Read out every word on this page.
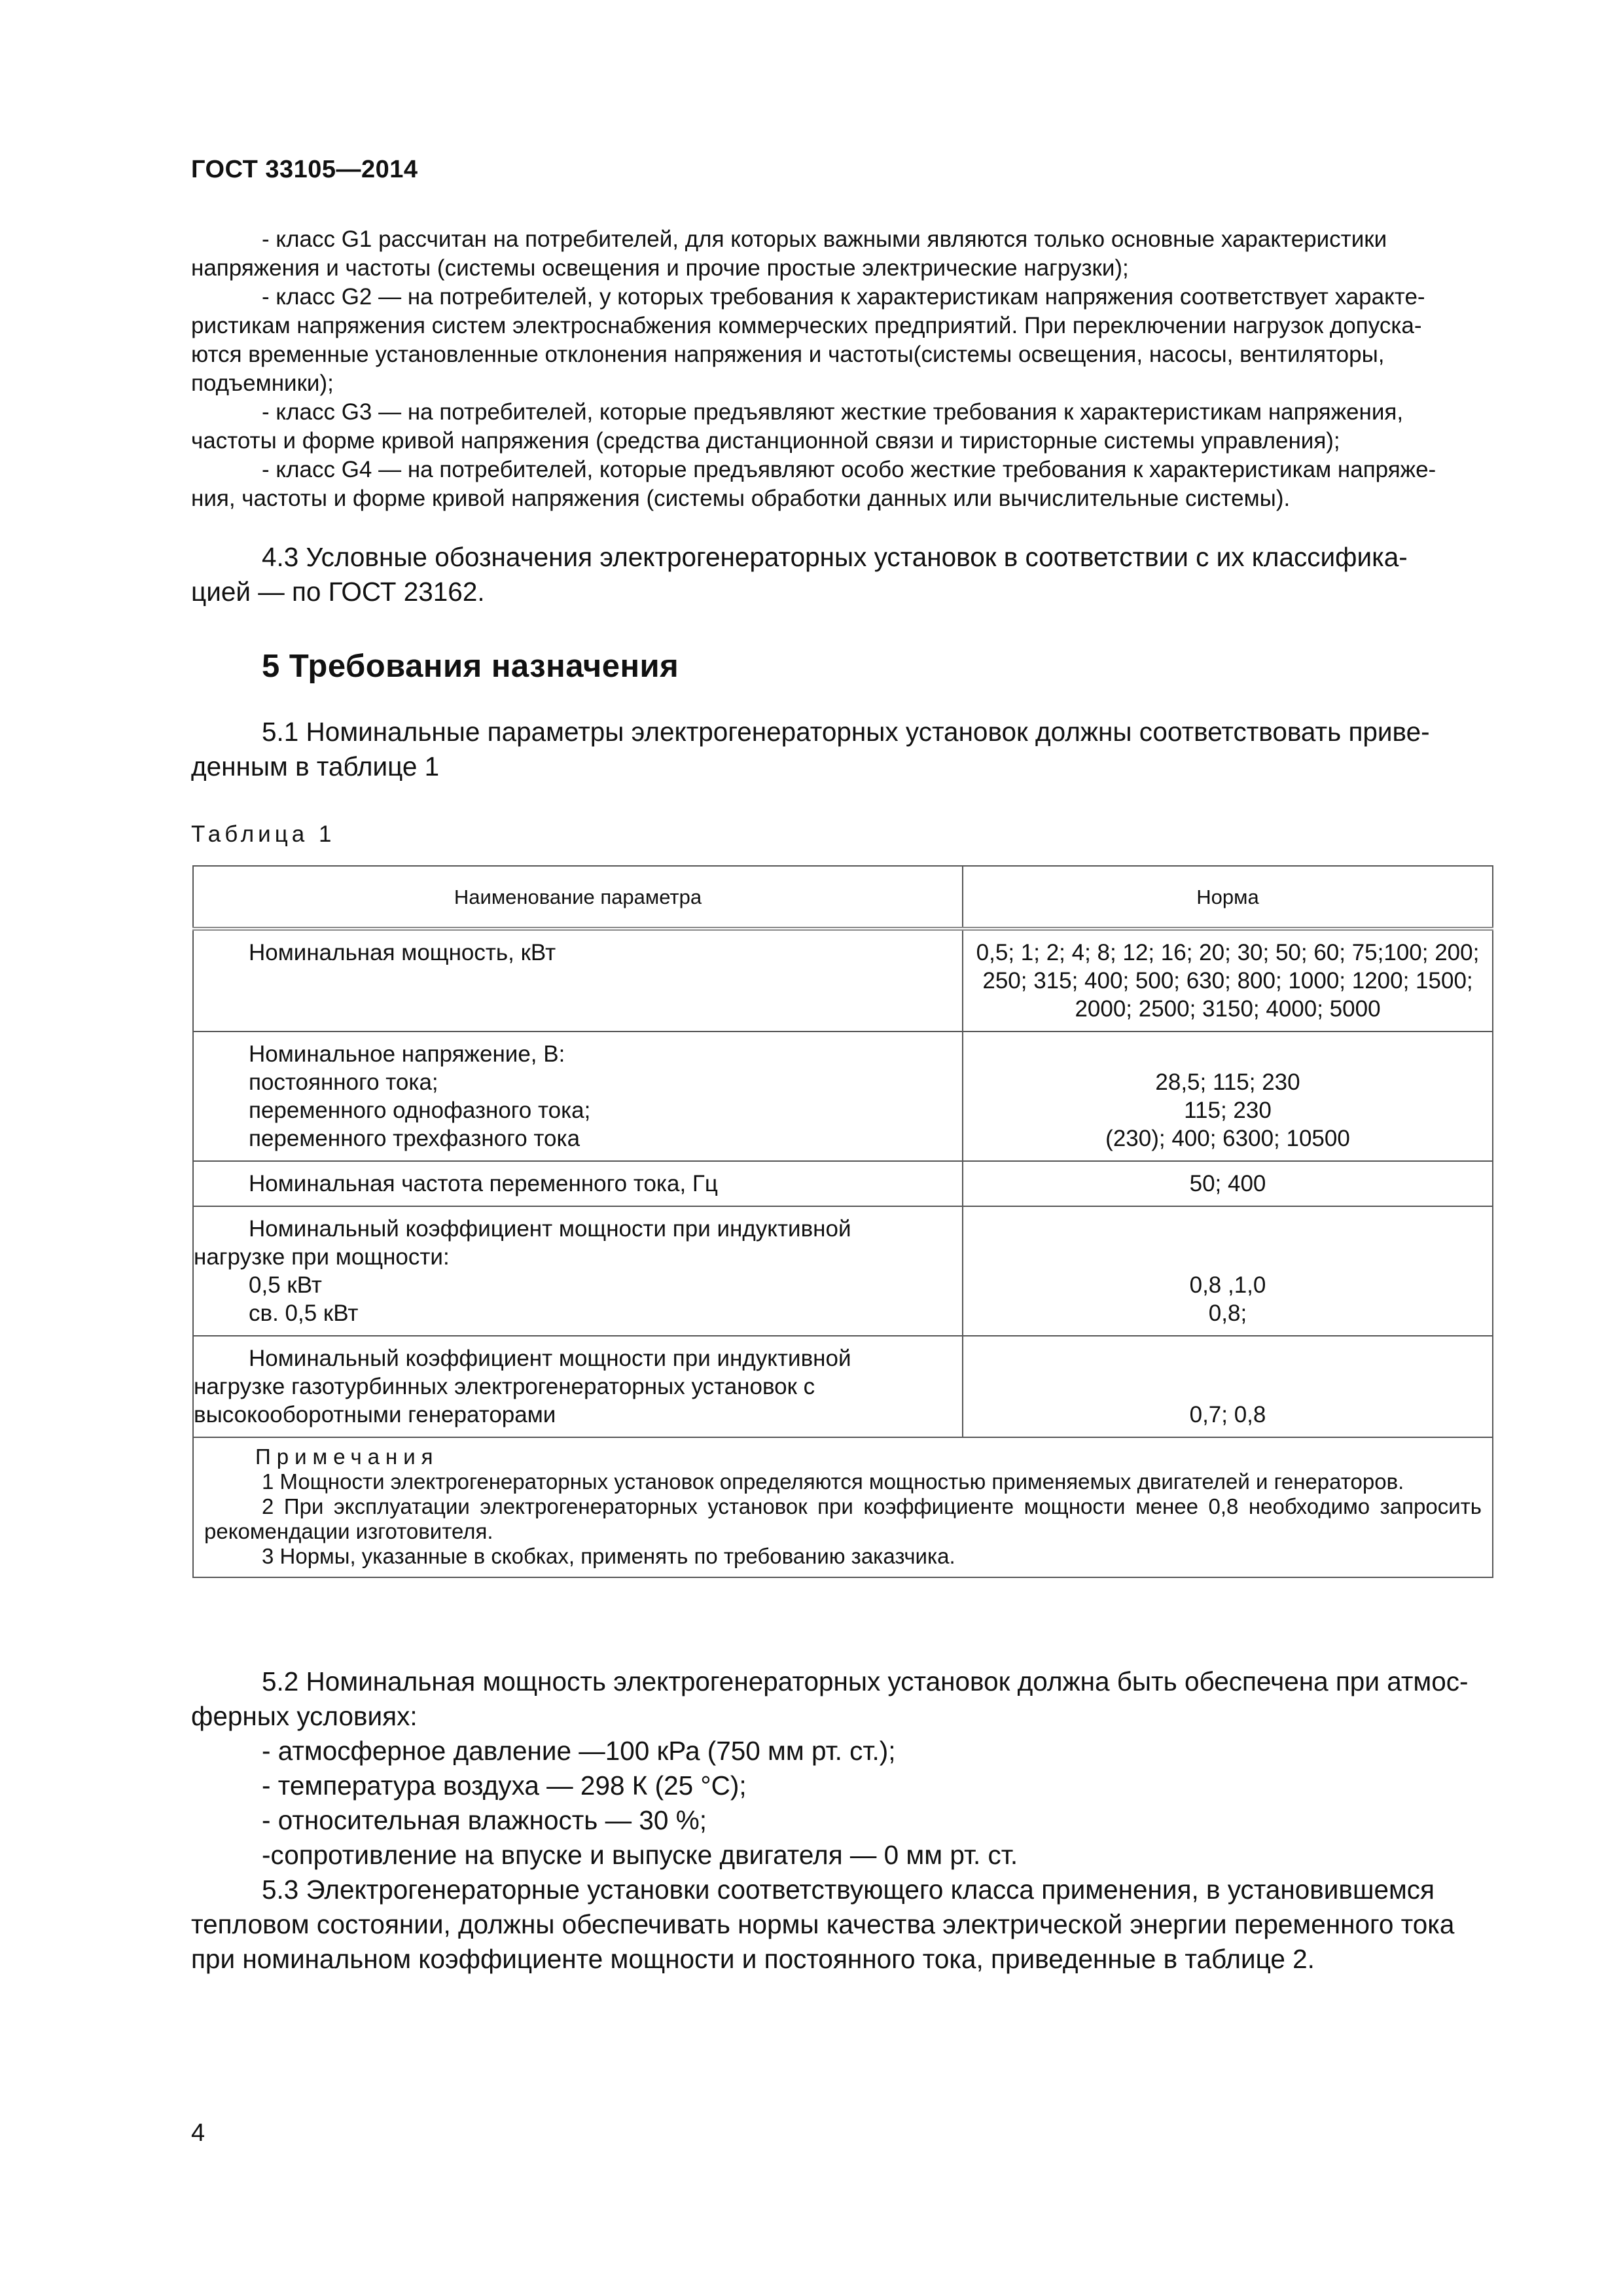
ГОСТ 33105—2014
- класс G1 рассчитан на потребителей, для которых важными являются только основные характеристики
напряжения и частоты (системы освещения и прочие простые электрические нагрузки);
- класс G2 — на потребителей, у которых требования к характеристикам напряжения соответствует характе-
ристикам напряжения систем электроснабжения коммерческих предприятий. При переключении нагрузок допуска-
ются временные установленные отклонения напряжения и частоты(системы освещения, насосы, вентиляторы,
подъемники);
- класс G3 — на потребителей, которые предъявляют жесткие требования к характеристикам напряжения,
частоты и форме кривой напряжения (средства дистанционной связи и тиристорные системы управления);
- класс G4 — на потребителей, которые предъявляют особо жесткие требования к характеристикам напряже-
ния, частоты и форме кривой напряжения (системы обработки данных или вычислительные системы).
4.3 Условные обозначения электрогенераторных установок в соответствии с их классифика-
цией — по ГОСТ 23162.
5 Требования назначения
5.1 Номинальные параметры электрогенераторных установок должны соответствовать приве-
денным в таблице 1
Таблица 1
Наименование параметра	Норма

Номинальная мощность, кВт	0,5; 1; 2; 4; 8; 12; 16; 20; 30; 50; 60; 75;100; 200;
250; 315; 400; 500; 630; 800; 1000; 1200; 1500;
2000; 2500; 3150; 4000; 5000

Номинальное напряжение, В:
постоянного тока;
переменного однофазного тока;
переменного трехфазного тока	28,5; 115; 230
115; 230
(230); 400; 6300; 10500

Номинальная частота переменного тока, Гц	50; 400

Номинальный коэффициент мощности при индуктивной
нагрузке при мощности:
0,5 кВт
св. 0,5 кВт	0,8 ,1,0
0,8;

Номинальный коэффициент мощности при индуктивной
нагрузке газотурбинных электрогенераторных установок с
высокооборотными генераторами	0,7; 0,8

Примечания
1 Мощности электрогенераторных установок определяются мощностью применяемых двигателей и генераторов.
2 При эксплуатации электрогенераторных установок при коэффициенте мощности менее 0,8 необходимо запросить рекомендации изготовителя.
3 Нормы, указанные в скобках, применять по требованию заказчика.	
5.2 Номинальная мощность электрогенераторных установок должна быть обеспечена при атмос-
ферных условиях:
- атмосферное давление —100 кРа (750 мм рт. ст.);
- температура воздуха — 298 К (25 °С);
- относительная влажность — 30 %;
-сопротивление на впуске и выпуске двигателя — 0 мм рт. ст.
5.3 Электрогенераторные установки соответствующего класса применения, в установившемся
тепловом состоянии, должны обеспечивать нормы качества электрической энергии переменного тока
при номинальном коэффициенте мощности и постоянного тока, приведенные в таблице 2.
4
